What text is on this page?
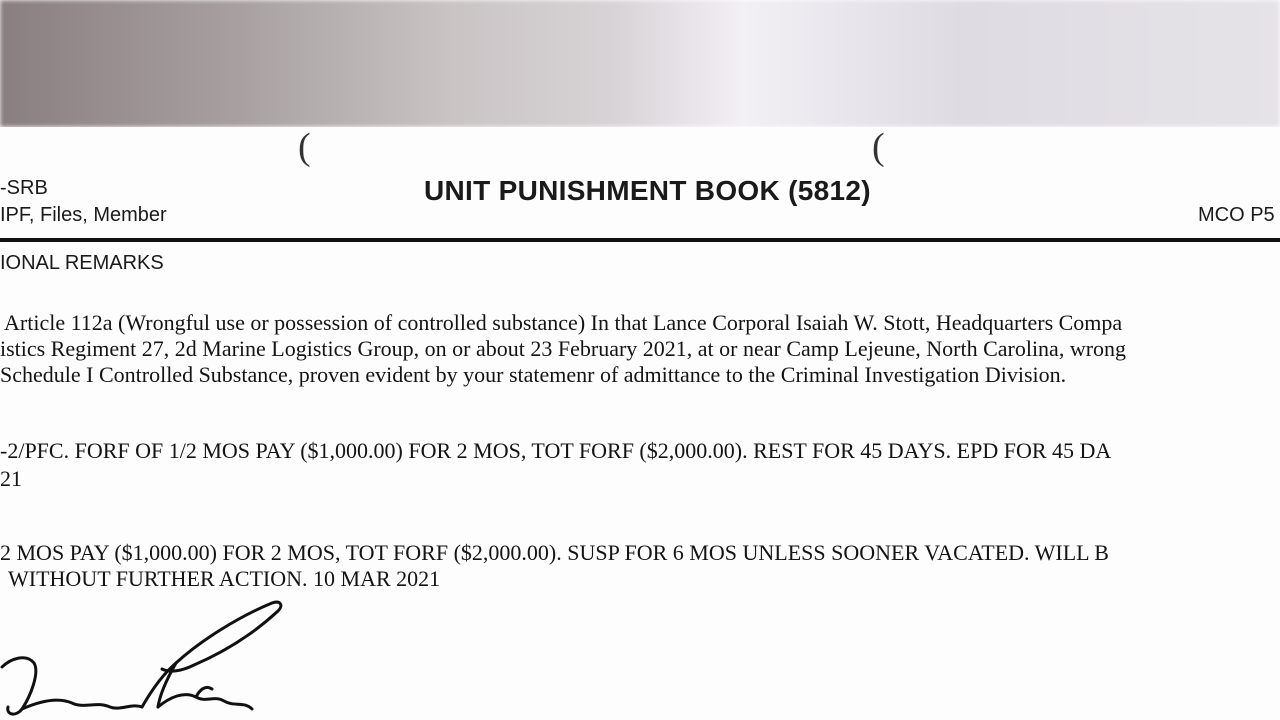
(	(
-SRB
IPF, Files, Member
UNIT PUNISHMENT BOOK (5812)
MCO P5
IONAL REMARKS
Article 112a (Wrongful use or possession of controlled substance) In that Lance Corporal Isaiah W. Stott, Headquarters Compa
istics Regiment 27, 2d Marine Logistics Group, on or about 23 February 2021, at or near Camp Lejeune, North Carolina, wrong
Schedule I Controlled Substance, proven evident by your statemenr of admittance to the Criminal Investigation Division.
-2/PFC. FORF OF 1/2 MOS PAY ($1,000.00) FOR 2 MOS, TOT FORF ($2,000.00). REST FOR 45 DAYS. EPD FOR 45 DA
21
2 MOS PAY ($1,000.00) FOR 2 MOS, TOT FORF ($2,000.00). SUSP FOR 6 MOS UNLESS SOONER VACATED. WILL B
WITHOUT FURTHER ACTION. 10 MAR 2021
